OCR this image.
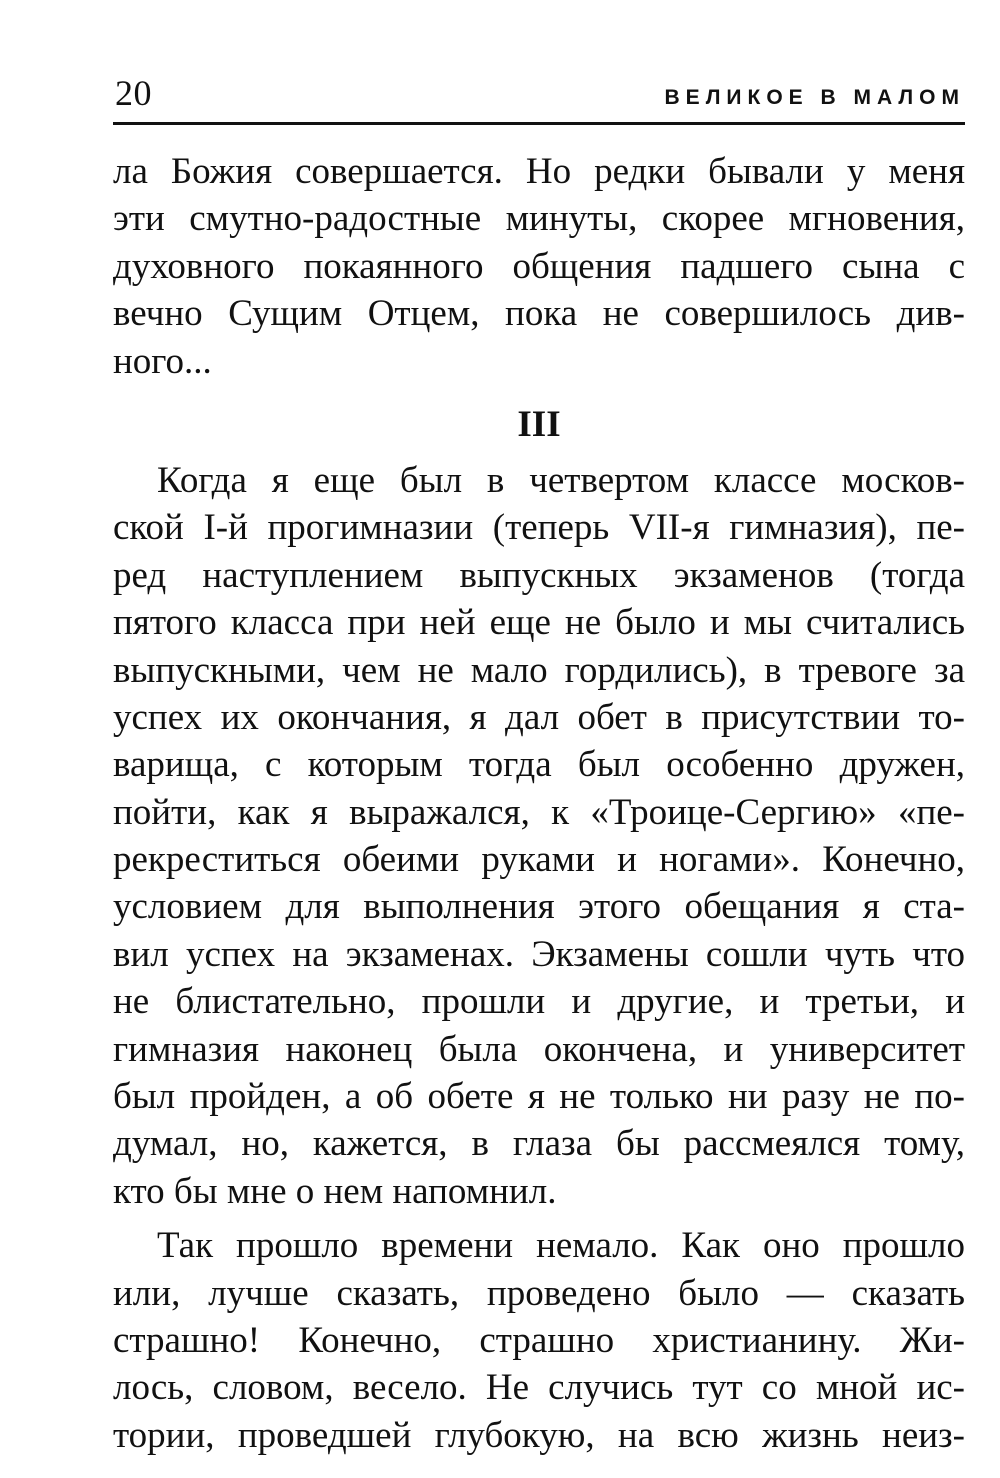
20	ВЕЛИКОЕ В МАЛОМ
ла Божия совершается. Но редки бывали у меня
эти смутно-радостные минуты, скорее мгновения,
духовного покаянного общения падшего сына с
вечно Сущим Отцем, пока не совершилось див-
ного...
III
Когда я еще был в четвертом классе москов-
ской I-й прогимназии (теперь VII-я гимназия), пе-
ред наступлением выпускных экзаменов (тогда
пятого класса при ней еще не было и мы считались
выпускными, чем не мало гордились), в тревоге за
успех их окончания, я дал обет в присутствии то-
варища, с которым тогда был особенно дружен,
пойти, как я выражался, к «Троице-Сергию» «пе-
рекреститься обеими руками и ногами». Конечно,
условием для выполнения этого обещания я ста-
вил успех на экзаменах. Экзамены сошли чуть что
не блистательно, прошли и другие, и третьи, и
гимназия наконец была окончена, и университет
был пройден, а об обете я не только ни разу не по-
думал, но, кажется, в глаза бы рассмеялся тому,
кто бы мне о нем напомнил.
Так прошло времени немало. Как оно прошло
или, лучше сказать, проведено было — сказать
страшно! Конечно, страшно христианину. Жи-
лось, словом, весело. Не случись тут со мной ис-
тории, проведшей глубокую, на всю жизнь неиз-
